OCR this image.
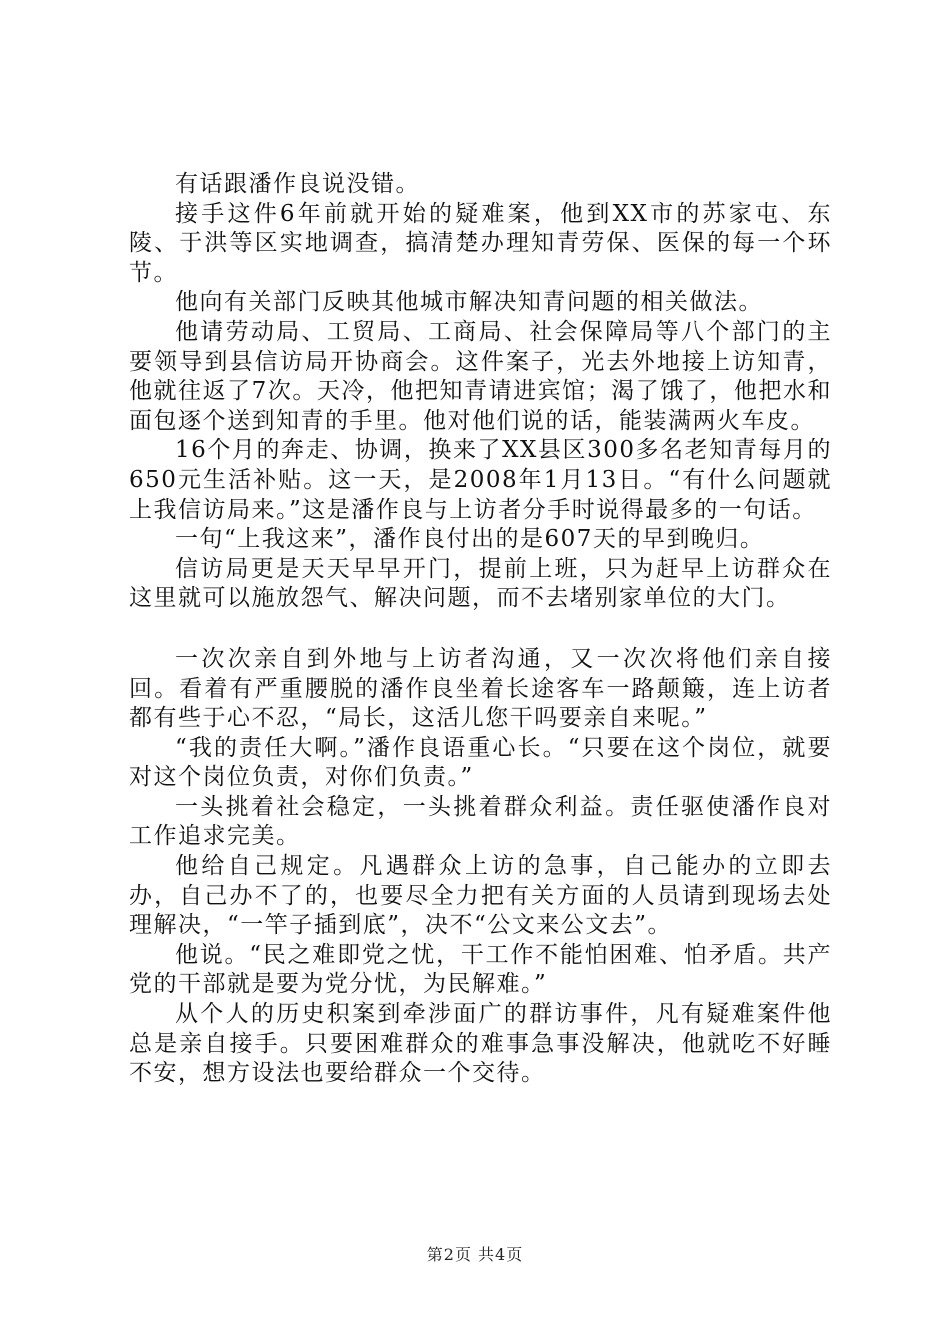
有话跟潘作良说没错。

接手这件6年前就开始的疑难案，他到XX市的苏家屯、东陵、于洪等区实地调查，搞清楚办理知青劳保、医保的每一个环节。

他向有关部门反映其他城市解决知青问题的相关做法。

他请劳动局、工贸局、工商局、社会保障局等八个部门的主要领导到县信访局开协商会。这件案子，光去外地接上访知青，他就往返了7次。天冷，他把知青请进宾馆；渴了饿了，他把水和面包逐个送到知青的手里。他对他们说的话，能装满两火车皮。

16个月的奔走、协调，换来了XX县区300多名老知青每月的650元生活补贴。这一天，是2008年1月13日。“有什么问题就上我信访局来。”这是潘作良与上访者分手时说得最多的一句话。

一句“上我这来”，潘作良付出的是607天的早到晚归。

信访局更是天天早早开门，提前上班，只为赶早上访群众在这里就可以施放怨气、解决问题，而不去堵别家单位的大门。

一次次亲自到外地与上访者沟通，又一次次将他们亲自接回。看着有严重腰脱的潘作良坐着长途客车一路颠簸，连上访者都有些于心不忍，“局长，这活儿您干吗要亲自来呢。”

“我的责任大啊。”潘作良语重心长。“只要在这个岗位，就要对这个岗位负责，对你们负责。”

一头挑着社会稳定，一头挑着群众利益。责任驱使潘作良对工作追求完美。

他给自己规定。凡遇群众上访的急事，自己能办的立即去办，自己办不了的，也要尽全力把有关方面的人员请到现场去处理解决，“一竿子插到底”，决不“公文来公文去”。

他说。“民之难即党之忧，干工作不能怕困难、怕矛盾。共产党的干部就是要为党分忧，为民解难。”

从个人的历史积案到牵涉面广的群访事件，凡有疑难案件他总是亲自接手。只要困难群众的难事急事没解决，他就吃不好睡不安，想方设法也要给群众一个交待。

第2页 共4页
